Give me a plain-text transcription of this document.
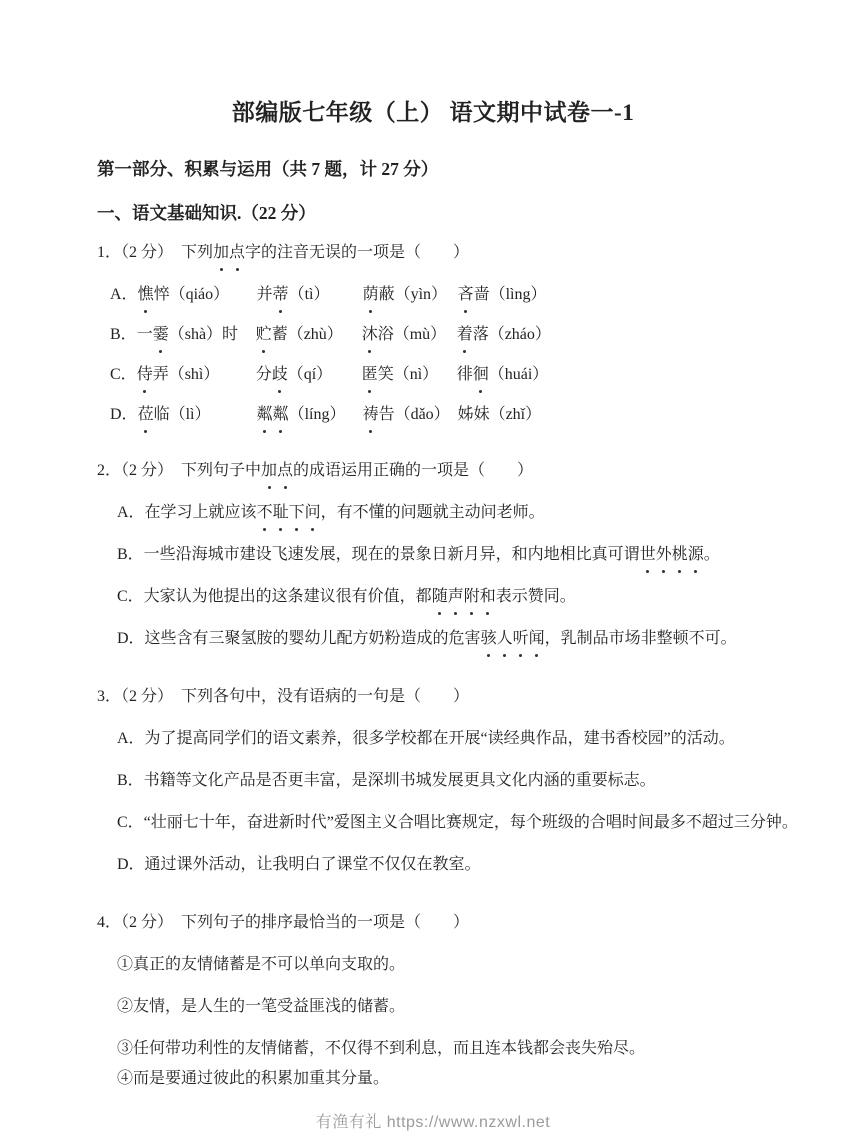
部编版七年级（上） 语文期中试卷一-1
第一部分、积累与运用（共 7 题，计 27 分）
一、语文基础知识.（22 分）
1．（2 分）　下列加点字的注音无误的一项是（　　）
A．憔悴（qiáo） 并蒂（tì） 荫蔽（yìn） 吝啬（lìng）
B．一霎（shà）时 贮蓄（zhù） 沐浴（mù） 着落（zháo）
C．侍弄（shì） 分歧（qí） 匿笑（nì） 徘徊（huái）
D．莅临（lì）	粼粼（líng） 祷告（dǎo） 姊妹（zhǐ）
2．（2 分）　下列句子中加点的成语运用正确的一项是（　　）
A．在学习上就应该不耻下问，有不懂的问题就主动问老师。
B．一些沿海城市建设飞速发展，现在的景象日新月异，和内地相比真可谓世外桃源。
C．大家认为他提出的这条建议很有价值，都随声附和表示赞同。
D．这些含有三聚氢胺的婴幼儿配方奶粉造成的危害骇人听闻，乳制品市场非整顿不可。
3．（2 分）　下列各句中，没有语病的一句是（　　）
A．为了提高同学们的语文素养，很多学校都在开展“读经典作品，建书香校园”的活动。
B．书籍等文化产品是否更丰富，是深圳书城发展更具文化内涵的重要标志。
C．“壮丽七十年，奋进新时代”爱图主义合唱比赛规定，每个班级的合唱时间最多不超过三分钟。
D．通过课外活动，让我明白了课堂不仅仅在教室。
4．（2 分）　下列句子的排序最恰当的一项是（　　）
①真正的友情储蓄是不可以单向支取的。
②友情，是人生的一笔受益匪浅的储蓄。
③任何带功利性的友情储蓄，不仅得不到利息，而且连本钱都会丧失殆尽。
④而是要通过彼此的积累加重其分量。
有渔有礼 https://www.nzxwl.net
